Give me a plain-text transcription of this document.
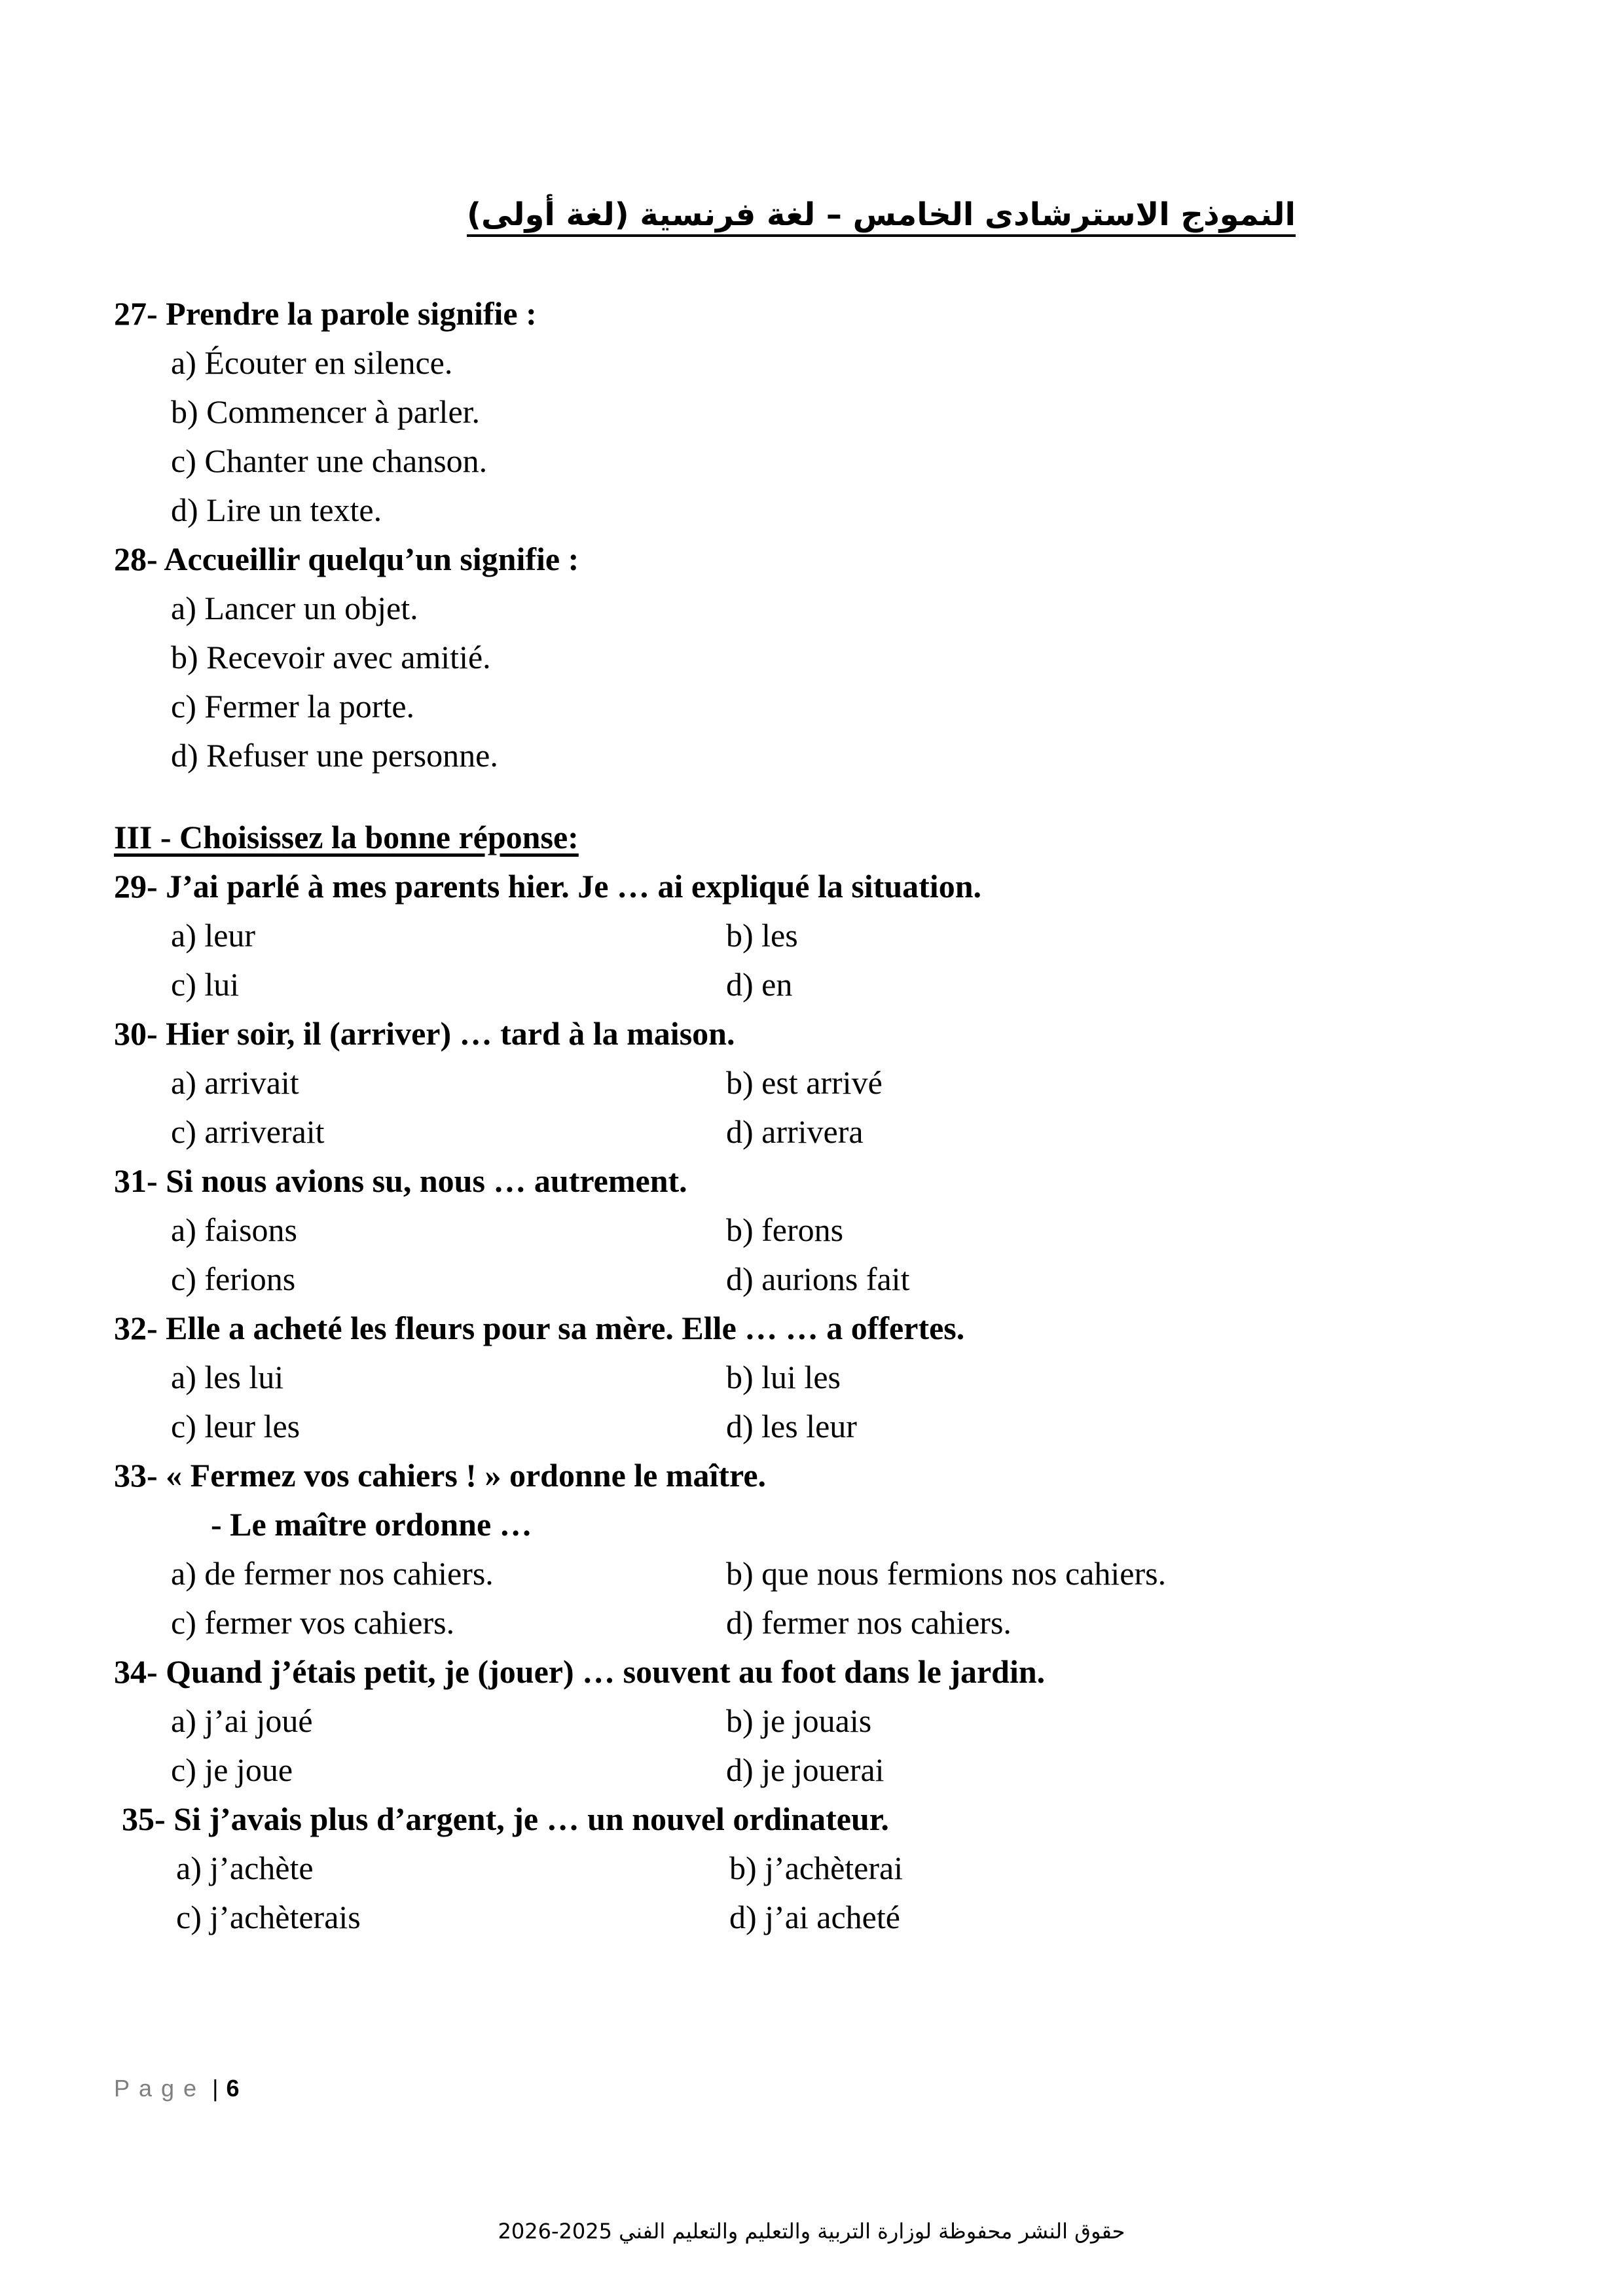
النموذج الاسترشادى الخامس – لغة فرنسية (لغة أولى)
27- Prendre la parole signifie :
a) Écouter en silence.
b) Commencer à parler.
c) Chanter une chanson.
d) Lire un texte.
28- Accueillir quelqu’un signifie :
a) Lancer un objet.
b) Recevoir avec amitié.
c) Fermer la porte.
d) Refuser une personne.
III - Choisissez la bonne réponse:
29- J’ai parlé à mes parents hier. Je … ai expliqué la situation.
a) leur	b) les
c) lui	d) en
30- Hier soir, il (arriver) … tard à la maison.
a) arrivait	b) est arrivé
c) arriverait	d) arrivera
31- Si nous avions su, nous … autrement.
a) faisons	b) ferons
c) ferions	d) aurions fait
32- Elle a acheté les fleurs pour sa mère. Elle … … a offertes.
a) les lui	b) lui les
c) leur les	d) les leur
33- « Fermez vos cahiers ! » ordonne le maître.
- Le maître ordonne …
a) de fermer nos cahiers.	b) que nous fermions nos cahiers.
c) fermer vos cahiers.	d) fermer nos cahiers.
34- Quand j’étais petit, je (jouer) … souvent au foot dans le jardin.
a) j’ai joué	b) je jouais
c) je joue	d) je jouerai
35- Si j’avais plus d’argent, je … un nouvel ordinateur.
a) j’achète	b) j’achèterai
c) j’achèterais	d) j’ai acheté
Page | 6
حقوق النشر محفوظة لوزارة التربية والتعليم والتعليم الفني 2025-2026
